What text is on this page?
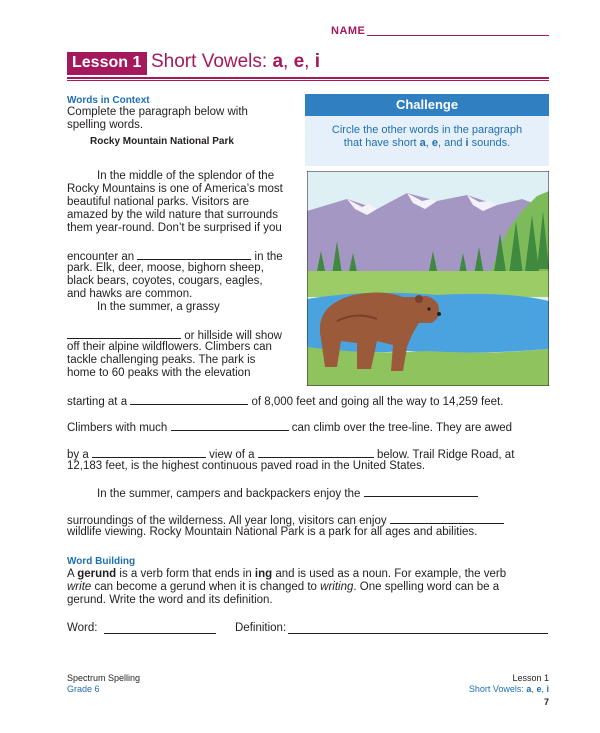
NAME
Lesson 1 Short Vowels: a, e, i
Words in Context
Complete the paragraph below with
spelling words.
Rocky Mountain National Park
In the middle of the splendor of the
Rocky Mountains is one of America’s most
beautiful national parks. Visitors are
amazed by the wild nature that surrounds
them year-round. Don’t be surprised if you
encounter an	in the
park. Elk, deer, moose, bighorn sheep,
black bears, coyotes, cougars, eagles,
and hawks are common.
In the summer, a grassy
or hillside will show
off their alpine wildflowers. Climbers can
tackle challenging peaks. The park is
home to 60 peaks with the elevation
starting at a	of 8,000 feet and going all the way to 14,259 feet.
Climbers with much	can climb over the tree-line. They are awed
by a	view of a	below. Trail Ridge Road, at
12,183 feet, is the highest continuous paved road in the United States.
In the summer, campers and backpackers enjoy the
surroundings of the wilderness. All year long, visitors can enjoy
wildlife viewing. Rocky Mountain National Park is a park for all ages and abilities.
Challenge
Circle the other words in the paragraph
that have short a, e, and i sounds.
Word Building
A gerund is a verb form that ends in ing and is used as a noun. For example, the verb
write can become a gerund when it is changed to writing. One spelling word can be a
gerund. Write the word and its definition.
Word:	Definition:
Spectrum Spelling
Grade 6
Lesson 1
Short Vowels: a, e, i
7
